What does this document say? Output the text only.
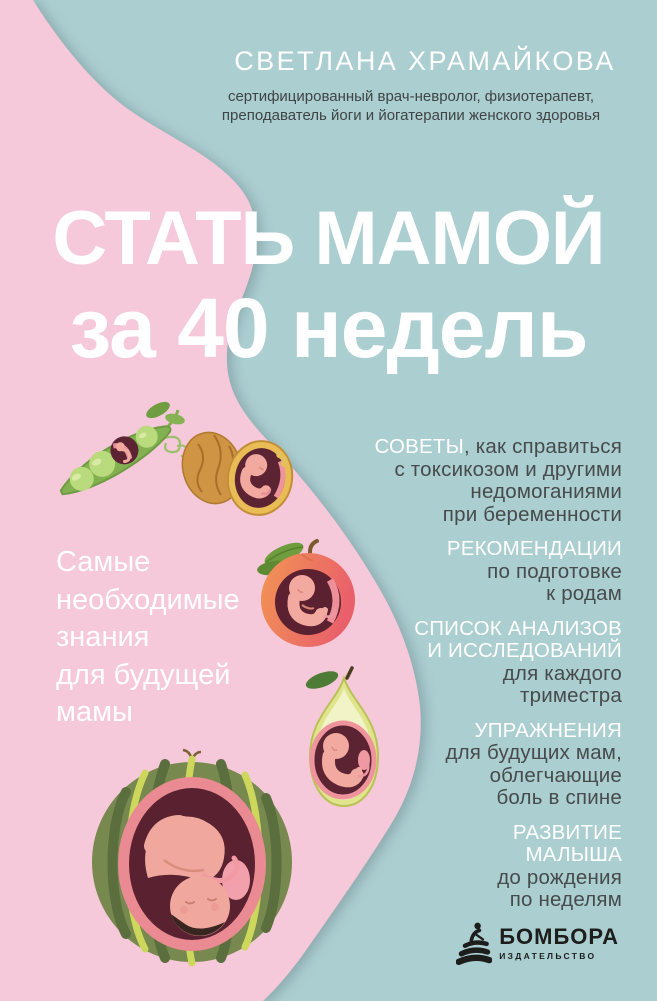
СВЕТЛАНА ХРАМАЙКОВА
сертифицированный врач-невролог, физиотерапевт,
преподаватель йоги и йогатерапии женского здоровья
СТАТЬ МАМОЙ
за 40 недель
Самые
необходимые
знания
для будущей
мамы
СОВЕТЫ, как справиться
с токсикозом и другими
недомоганиями
при беременности
РЕКОМЕНДАЦИИ
по подготовке
к родам
СПИСОК АНАЛИЗОВ
И ИССЛЕДОВАНИЙ
для каждого
триместра
УПРАЖНЕНИЯ
для будущих мам,
облегчающие
боль в спине
РАЗВИТИЕ
МАЛЫША
до рождения
по неделям
БОМБОРА
ИЗДАТЕЛЬСТВО
